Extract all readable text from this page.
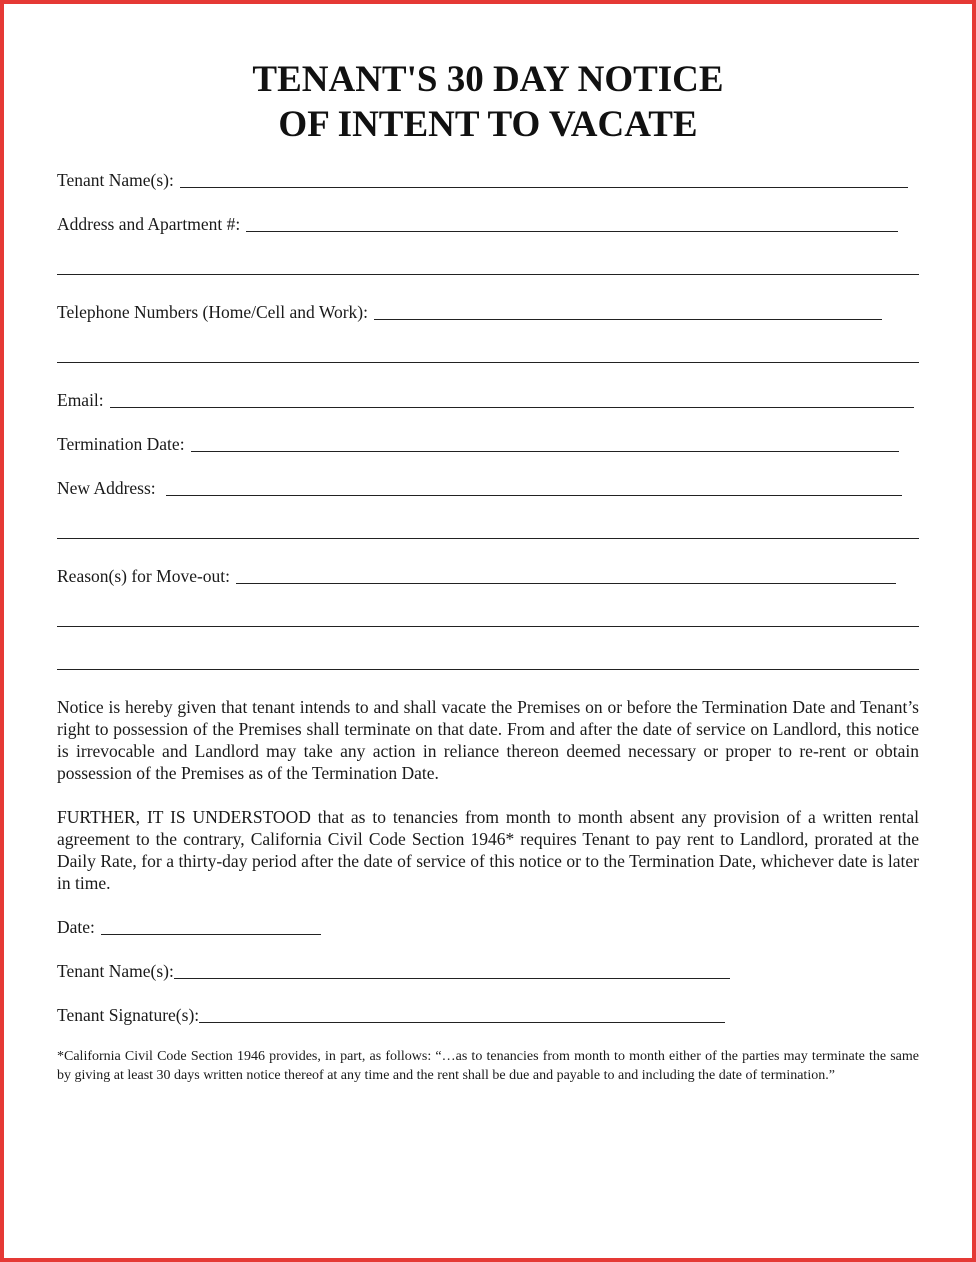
TENANT'S 30 DAY NOTICE
OF INTENT TO VACATE
Tenant Name(s):
Address and Apartment #:
Telephone Numbers (Home/Cell and Work):
Email:
Termination Date:
New Address:
Reason(s) for Move-out:

Notice is hereby given that tenant intends to and shall vacate the Premises on or before the Termination Date and Tenant’s right to possession of the Premises shall terminate on that date. From and after the date of service on Landlord, this notice is irrevocable and Landlord may take any action in reliance thereon deemed necessary or proper to re-rent or obtain possession of the Premises as of the Termination Date.

FURTHER, IT IS UNDERSTOOD that as to tenancies from month to month absent any provision of a written rental agreement to the contrary, California Civil Code Section 1946* requires Tenant to pay rent to Landlord, prorated at the Daily Rate, for a thirty-day period after the date of service of this notice or to the Termination Date, whichever date is later in time.

Date:
Tenant Name(s):
Tenant Signature(s):

*California Civil Code Section 1946 provides, in part, as follows: “…as to tenancies from month to month either of the parties may terminate the same by giving at least 30 days written notice thereof at any time and the rent shall be due and payable to and including the date of termination.”
